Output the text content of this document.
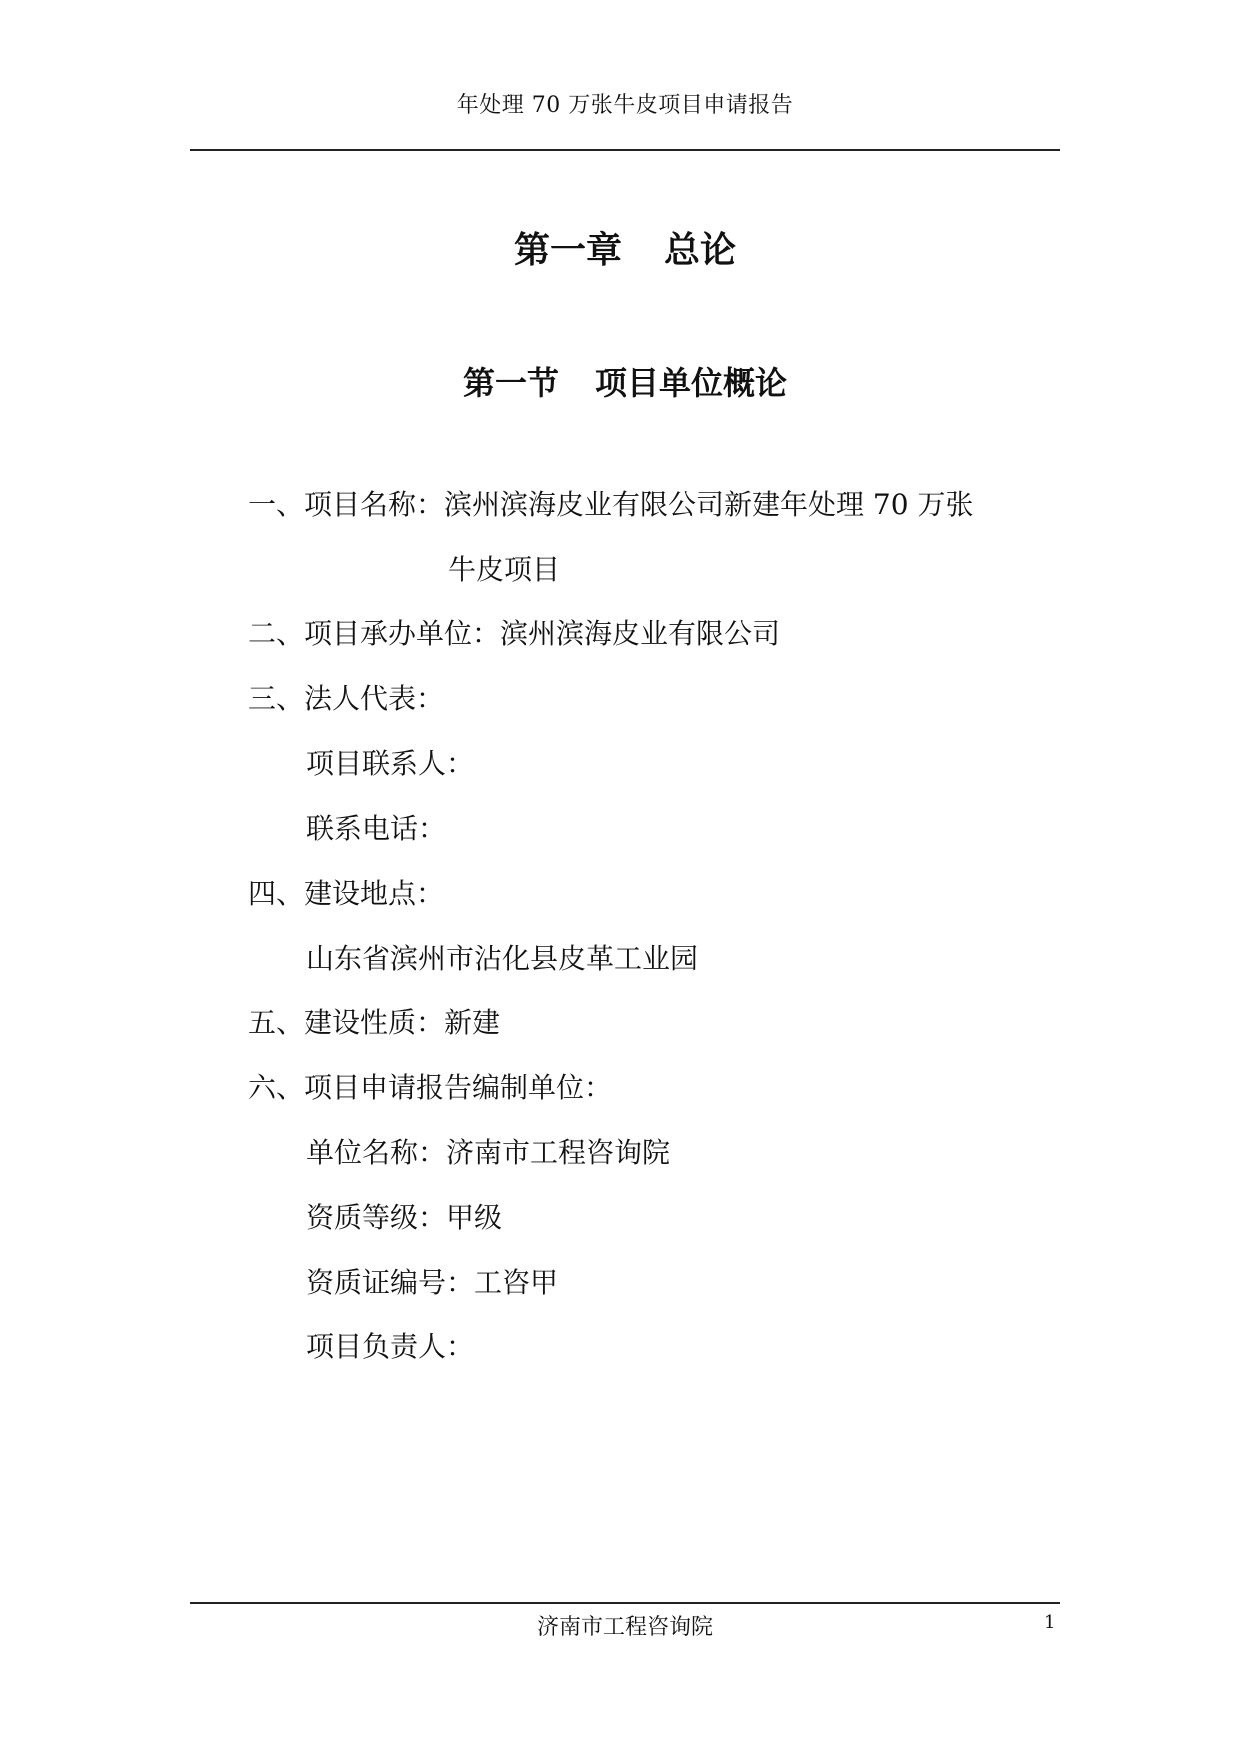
年处理 70 万张牛皮项目申请报告
第一章 总论
第一节 项目单位概论
一、项目名称：滨州滨海皮业有限公司新建年处理 70 万张
牛皮项目
二、项目承办单位：滨州滨海皮业有限公司
三、法人代表：
项目联系人：
联系电话：
四、建设地点：
山东省滨州市沾化县皮革工业园
五、建设性质：新建
六、项目申请报告编制单位：
单位名称：济南市工程咨询院
资质等级：甲级
资质证编号：工咨甲
项目负责人：
济南市工程咨询院	1
